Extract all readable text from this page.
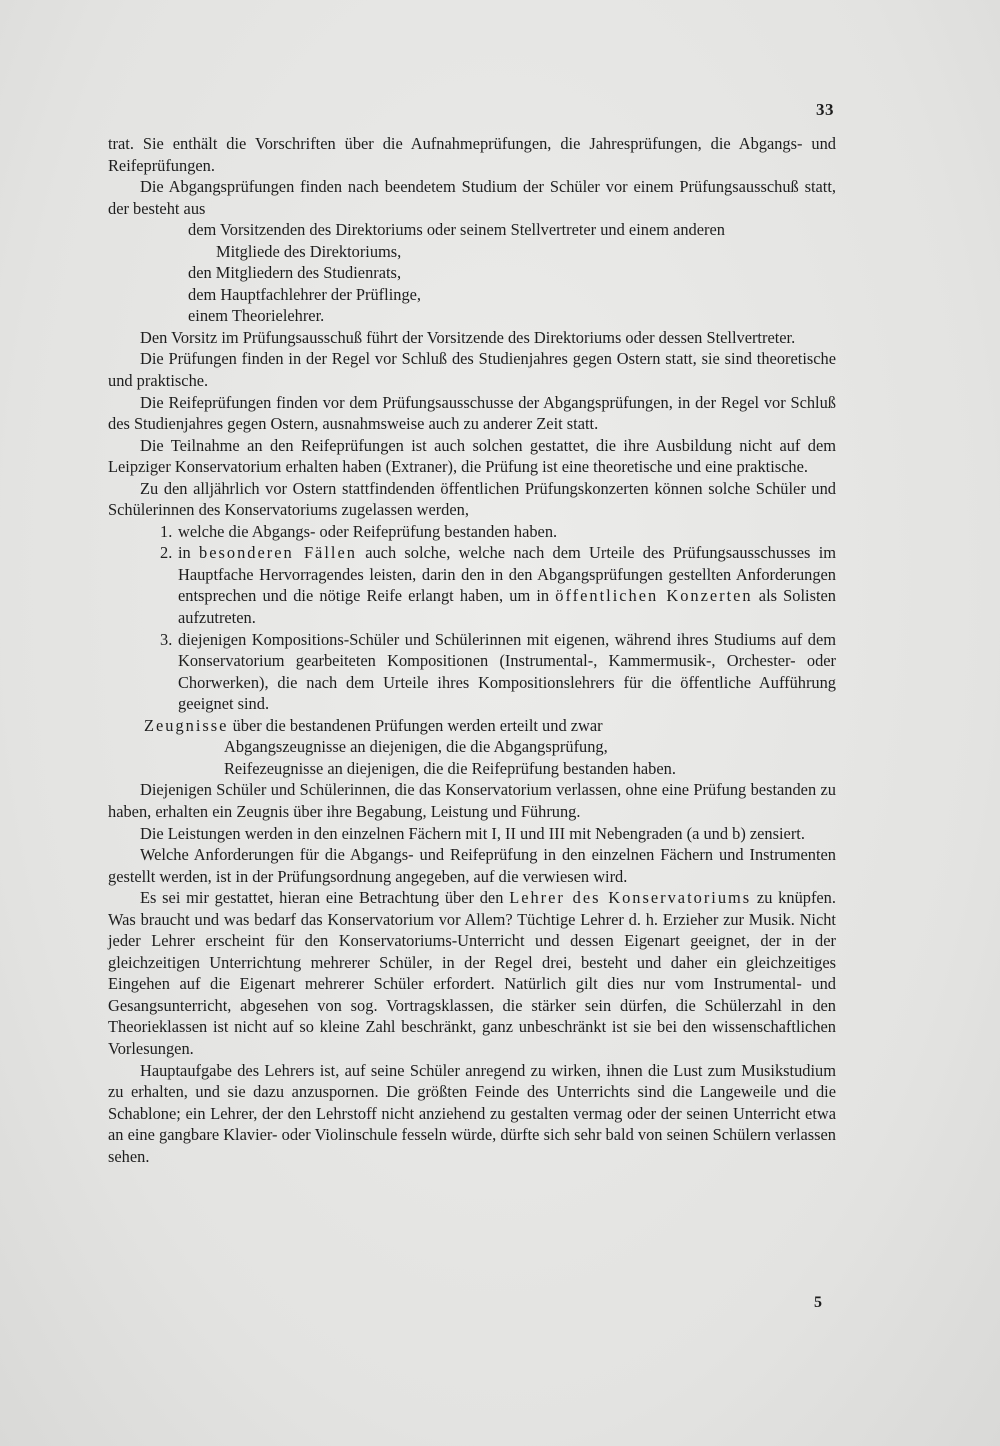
33

trat. Sie enthält die Vorschriften über die Aufnahmeprüfungen, die Jahresprüfungen, die Abgangs- und Reifeprüfungen.

Die Abgangsprüfungen finden nach beendetem Studium der Schüler vor einem Prüfungsausschuß statt, der besteht aus

dem Vorsitzenden des Direktoriums oder seinem Stellvertreter und einem anderen
Mitgliede des Direktoriums,
den Mitgliedern des Studienrats,
dem Hauptfachlehrer der Prüflinge,
einem Theorielehrer.

Den Vorsitz im Prüfungsausschuß führt der Vorsitzende des Direktoriums oder dessen Stellvertreter.

Die Prüfungen finden in der Regel vor Schluß des Studienjahres gegen Ostern statt, sie sind theoretische und praktische.

Die Reifeprüfungen finden vor dem Prüfungsausschusse der Abgangsprüfungen, in der Regel vor Schluß des Studienjahres gegen Ostern, ausnahmsweise auch zu anderer Zeit statt.

Die Teilnahme an den Reifeprüfungen ist auch solchen gestattet, die ihre Ausbildung nicht auf dem Leipziger Konservatorium erhalten haben (Extraner), die Prüfung ist eine theoretische und eine praktische.

Zu den alljährlich vor Ostern stattfindenden öffentlichen Prüfungskonzerten können solche Schüler und Schülerinnen des Konservatoriums zugelassen werden,

1. welche die Abgangs- oder Reifeprüfung bestanden haben.
2. in besonderen Fällen auch solche, welche nach dem Urteile des Prüfungsausschusses im Hauptfache Hervorragendes leisten, darin den in den Abgangsprüfungen gestellten Anforderungen entsprechen und die nötige Reife erlangt haben, um in öffentlichen Konzerten als Solisten aufzutreten.
3. diejenigen Kompositions-Schüler und Schülerinnen mit eigenen, während ihres Studiums auf dem Konservatorium gearbeiteten Kompositionen (Instrumental-, Kammermusik-, Orchester- oder Chorwerken), die nach dem Urteile ihres Kompositionslehrers für die öffentliche Aufführung geeignet sind.
Zeugnisse über die bestandenen Prüfungen werden erteilt und zwar
Abgangszeugnisse an diejenigen, die die Abgangsprüfung,
Reifezeugnisse an diejenigen, die die Reifeprüfung bestanden haben.

Diejenigen Schüler und Schülerinnen, die das Konservatorium verlassen, ohne eine Prüfung bestanden zu haben, erhalten ein Zeugnis über ihre Begabung, Leistung und Führung.

Die Leistungen werden in den einzelnen Fächern mit I, II und III mit Nebengraden (a und b) zensiert.

Welche Anforderungen für die Abgangs- und Reifeprüfung in den einzelnen Fächern und Instrumenten gestellt werden, ist in der Prüfungsordnung angegeben, auf die verwiesen wird.

Es sei mir gestattet, hieran eine Betrachtung über den Lehrer des Konservatoriums zu knüpfen. Was braucht und was bedarf das Konservatorium vor Allem? Tüchtige Lehrer d. h. Erzieher zur Musik. Nicht jeder Lehrer erscheint für den Konservatoriums-Unterricht und dessen Eigenart geeignet, der in der gleichzeitigen Unterrichtung mehrerer Schüler, in der Regel drei, besteht und daher ein gleichzeitiges Eingehen auf die Eigenart mehrerer Schüler erfordert. Natürlich gilt dies nur vom Instrumental- und Gesangsunterricht, abgesehen von sog. Vortragsklassen, die stärker sein dürfen, die Schülerzahl in den Theorieklassen ist nicht auf so kleine Zahl beschränkt, ganz unbeschränkt ist sie bei den wissenschaftlichen Vorlesungen.

Hauptaufgabe des Lehrers ist, auf seine Schüler anregend zu wirken, ihnen die Lust zum Musikstudium zu erhalten, und sie dazu anzuspornen. Die größten Feinde des Unterrichts sind die Langeweile und die Schablone; ein Lehrer, der den Lehrstoff nicht anziehend zu gestalten vermag oder der seinen Unterricht etwa an eine gangbare Klavier- oder Violinschule fesseln würde, dürfte sich sehr bald von seinen Schülern verlassen sehen.

5
